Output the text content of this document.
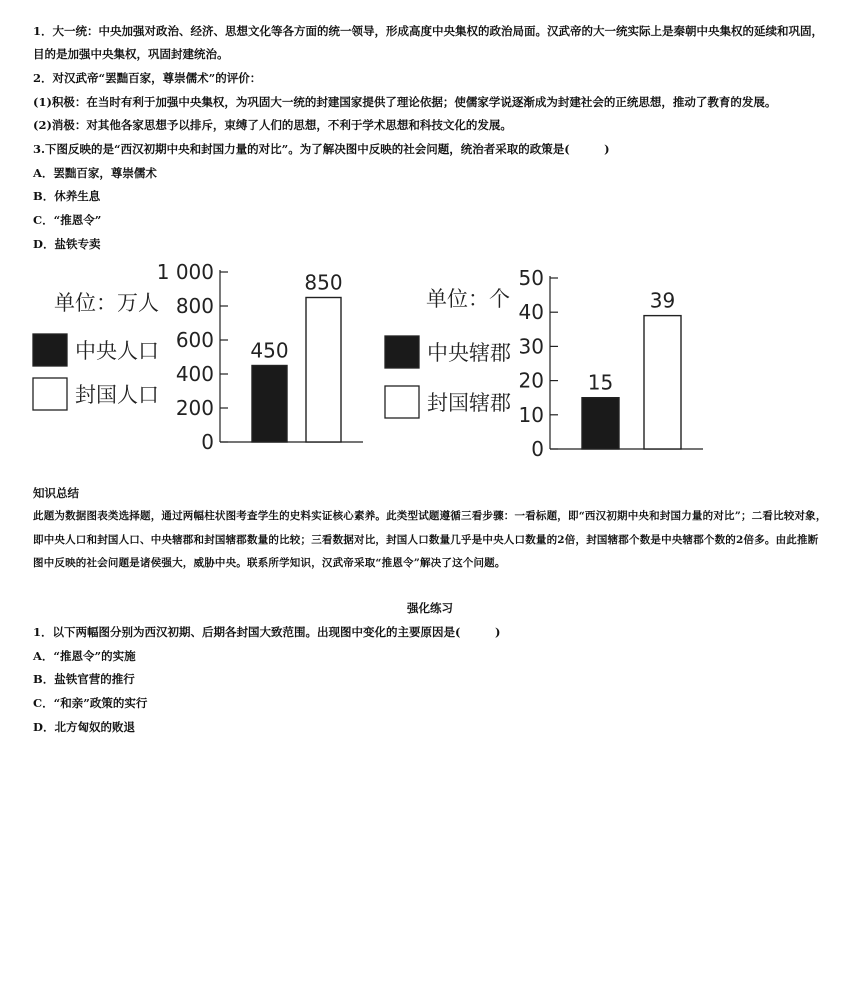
1．大一统：中央加强对政治、经济、思想文化等各方面的统一领导，形成高度中央集权的政治局面。汉武帝的大一统实际上是秦朝中央集权的延续和巩固，目的是加强中央集权，巩固封建统治。

2．对汉武帝“罢黜百家，尊崇儒术”的评价：

(1)积极：在当时有利于加强中央集权，为巩固大一统的封建国家提供了理论依据；使儒家学说逐渐成为封建社会的正统思想，推动了教育的发展。

(2)消极：对其他各家思想予以排斥，束缚了人们的思想，不利于学术思想和科技文化的发展。

3.下图反映的是“西汉初期中央和封国力量的对比”。为了解决图中反映的社会问题，统治者采取的政策是(　　　)

A．罢黜百家，尊崇儒术

B．休养生息

C．“推恩令”

D．盐铁专卖

单位：万人
中央人口
封国人口
1 000
800
600
400
200
0
450
850
单位：个
中央辖郡
封国辖郡
50
40
30
20
10
0
15
39

知识总结

此题为数据图表类选择题，通过两幅柱状图考查学生的史料实证核心素养。此类型试题遵循三看步骤：一看标题，即“西汉初期中央和封国力量的对比”；二看比较对象，即中央人口和封国人口、中央辖郡和封国辖郡数量的比较；三看数据对比，封国人口数量几乎是中央人口数量的2倍，封国辖郡个数是中央辖郡个数的2倍多。由此推断图中反映的社会问题是诸侯强大，威胁中央。联系所学知识，汉武帝采取“推恩令”解决了这个问题。

强化练习

1．以下两幅图分别为西汉初期、后期各封国大致范围。出现图中变化的主要原因是(　　　)

A．“推恩令”的实施

B．盐铁官营的推行

C．“和亲”政策的实行

D．北方匈奴的败退
